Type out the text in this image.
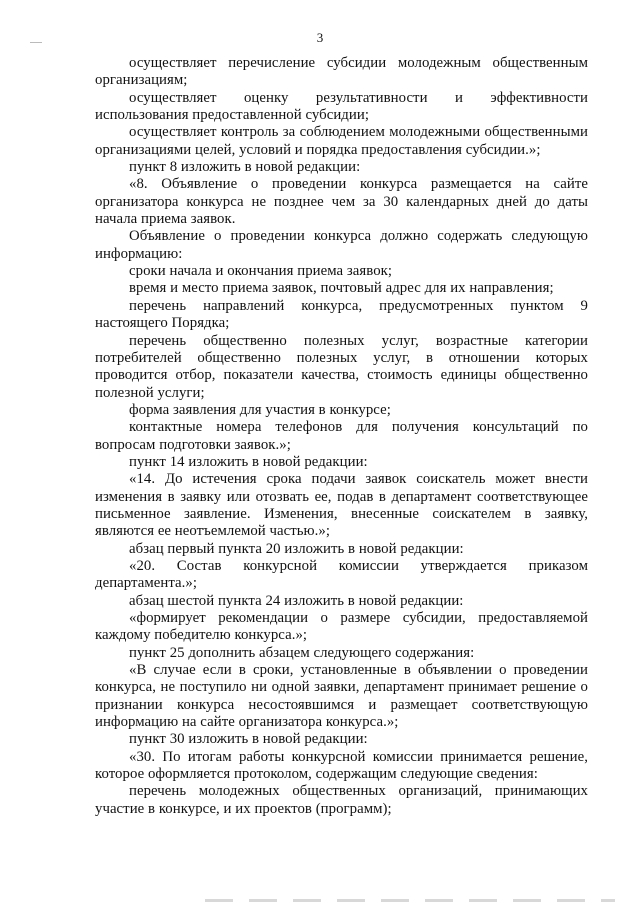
3

осуществляет перечисление субсидии молодежным общественным организациям;

осуществляет оценку результативности и эффективности использования предоставленной субсидии;

осуществляет контроль за соблюдением молодежными общественными организациями целей, условий и порядка предоставления субсидии.»;

пункт 8 изложить в новой редакции:

«8. Объявление о проведении конкурса размещается на сайте организатора конкурса не позднее чем за 30 календарных дней до даты начала приема заявок.

Объявление о проведении конкурса должно содержать следующую информацию:

сроки начала и окончания приема заявок;

время и место приема заявок, почтовый адрес для их направления;

перечень направлений конкурса, предусмотренных пунктом 9 настоящего Порядка;

перечень общественно полезных услуг, возрастные категории потребителей общественно полезных услуг, в отношении которых проводится отбор, показатели качества, стоимость единицы общественно полезной услуги;

форма заявления для участия в конкурсе;

контактные номера телефонов для получения консультаций по вопросам подготовки заявок.»;

пункт 14 изложить в новой редакции:

«14. До истечения срока подачи заявок соискатель может внести изменения в заявку или отозвать ее, подав в департамент соответствующее письменное заявление. Изменения, внесенные соискателем в заявку, являются ее неотъемлемой частью.»;

абзац первый пункта 20 изложить в новой редакции:

«20. Состав конкурсной комиссии утверждается приказом департамента.»;

абзац шестой пункта 24 изложить в новой редакции:

«формирует рекомендации о размере субсидии, предоставляемой каждому победителю конкурса.»;

пункт 25 дополнить абзацем следующего содержания:

«В случае если в сроки, установленные в объявлении о проведении конкурса, не поступило ни одной заявки, департамент принимает решение о признании конкурса несостоявшимся и размещает соответствующую информацию на сайте организатора конкурса.»;

пункт 30 изложить в новой редакции:

«30. По итогам работы конкурсной комиссии принимается решение, которое оформляется протоколом, содержащим следующие сведения:

перечень молодежных общественных организаций, принимающих участие в конкурсе, и их проектов (программ);
